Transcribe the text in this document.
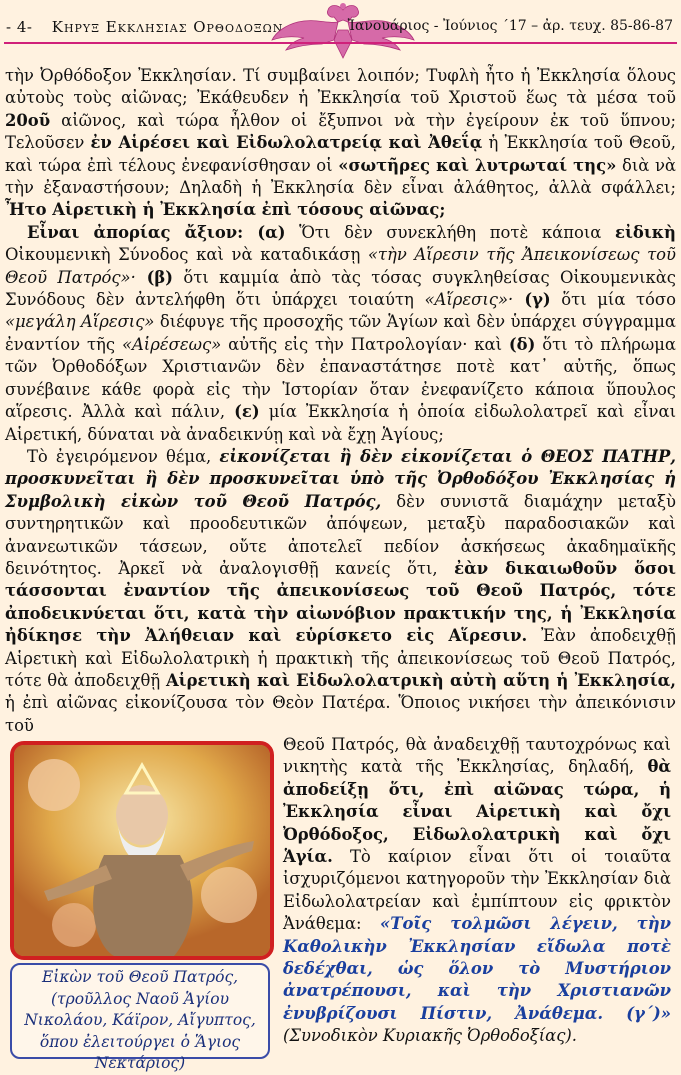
- 4- Κηρυξ Εκκλησιας Ορθοδοξων	Ἰανουάριος - Ἰούνιος ΄17 – ἀρ. τευχ. 85-86-87

τὴν Ὀρθόδοξον Ἐκκλησίαν. Τί συμβαίνει λοιπόν; Τυφλὴ ἦτο ἡ Ἐκκλησία ὅλους αὐτοὺς τοὺς αἰῶνας; Ἐκάθευδεν ἡ Ἐκκλησία τοῦ Χριστοῦ ἕως τὰ μέσα τοῦ 20οῦ αἰῶνος, καὶ τώρα ἦλθον οἱ ἔξυπνοι νὰ τὴν ἐγείρουν ἐκ τοῦ ὕπνου; Τελοῦσεν ἐν Αἱρέσει καὶ Εἰδωλολατρείᾳ καὶ Ἀθεΐᾳ ἡ Ἐκκλησία τοῦ Θεοῦ, καὶ τώρα ἐπὶ τέλους ἐνεφανίσθησαν οἱ «σωτῆρες καὶ λυτρωταί της» διὰ νὰ τὴν ἐξαναστήσουν; Δηλαδὴ ἡ Ἐκκλησία δὲν εἶναι ἀλάθητος, ἀλλὰ σφάλλει; Ἦτο Αἱρετικὴ ἡ Ἐκκλησία ἐπὶ τόσους αἰῶνας;

Εἶναι ἀπορίας ἄξιον: (α) Ὅτι δὲν συνεκλήθη ποτὲ κάποια εἰδικὴ Οἰκουμενικὴ Σύνοδος καὶ νὰ καταδικάσῃ «τὴν Αἵρεσιν τῆς Ἀπεικονίσεως τοῦ Θεοῦ Πατρός»· (β) ὅτι καμμία ἀπὸ τὰς τόσας συγκληθείσας Οἰκουμενικὰς Συνόδους δὲν ἀντελήφθη ὅτι ὑπάρχει τοιαύτη «Αἵρεσις»· (γ) ὅτι μία τόσο «μεγάλη Αἵρεσις» διέφυγε τῆς προσοχῆς τῶν Ἁγίων καὶ δὲν ὑπάρχει σύγγραμμα ἐναντίον τῆς «Αἱρέσεως» αὐτῆς εἰς τὴν Πατρολογίαν· καὶ (δ) ὅτι τὸ πλήρωμα τῶν Ὀρθοδόξων Χριστιανῶν δὲν ἐπαναστάτησε ποτὲ κατ᾽ αὐτῆς, ὅπως συνέβαινε κάθε φορὰ εἰς τὴν Ἱστορίαν ὅταν ἐνεφανίζετο κάποια ὕπουλος αἵρεσις. Ἀλλὰ καὶ πάλιν, (ε) μία Ἐκκλησία ἡ ὁποία εἰδωλολατρεῖ καὶ εἶναι Αἱρετική, δύναται νὰ ἀναδεικνύῃ καὶ νὰ ἔχῃ Ἁγίους;

Τὸ ἐγειρόμενον θέμα, εἰκονίζεται ἢ δὲν εἰκονίζεται ὁ ΘΕΟΣ ΠΑΤΗΡ, προσκυνεῖται ἢ δὲν προσκυνεῖται ὑπὸ τῆς Ὀρθοδόξου Ἐκκλησίας ἡ Συμβολικὴ εἰκὼν τοῦ Θεοῦ Πατρός, δὲν συνιστᾶ διαμάχην μεταξὺ συντηρητικῶν καὶ προοδευτικῶν ἀπόψεων, μεταξὺ παραδοσιακῶν καὶ ἀνανεωτικῶν τάσεων, οὔτε ἀποτελεῖ πεδίον ἀσκήσεως ἀκαδημαϊκῆς δεινότητος. Ἀρκεῖ νὰ ἀναλογισθῇ κανείς ὅτι, ἐὰν δικαιωθοῦν ὅσοι τάσσονται ἐναντίον τῆς ἀπεικονίσεως τοῦ Θεοῦ Πατρός, τότε ἀποδεικνύεται ὅτι, κατὰ τὴν αἰωνόβιον πρακτικήν της, ἡ Ἐκκλησία ἠδίκησε τὴν Ἀλήθειαν καὶ εὑρίσκετο εἰς Αἵρεσιν. Ἐὰν ἀποδειχθῇ Αἱρετικὴ καὶ Εἰδωλολατρικὴ ἡ πρακτικὴ τῆς ἀπεικονίσεως τοῦ Θεοῦ Πατρός, τότε θὰ ἀποδειχθῇ Αἱρετικὴ καὶ Εἰδωλολατρικὴ αὐτὴ αὕτη ἡ Ἐκκλησία, ἡ ἐπὶ αἰῶνας εἰκονίζουσα τὸν Θεὸν Πατέρα. Ὅποιος νικήσει τὴν ἀπεικόνισιν τοῦ

Εἰκὼν τοῦ Θεοῦ Πατρός, (τροῦλλος Ναοῦ Ἁγίου Νικολάου, Κάϊρον, Αἴγυπτος, ὅπου ἐλειτούργει ὁ Ἅγιος Νεκτάριος)

Θεοῦ Πατρός, θὰ ἀναδειχθῇ ταυτοχρόνως καὶ νικητὴς κατὰ τῆς Ἐκκλησίας, δηλαδή, θὰ ἀποδείξῃ ὅτι, ἐπὶ αἰῶνας τώρα, ἡ Ἐκκλησία εἶναι Αἱρετικὴ καὶ ὄχι Ὀρθόδοξος, Εἰδωλολατρικὴ καὶ ὄχι Ἁγία. Τὸ καίριον εἶναι ὅτι οἱ τοιαῦτα ἰσχυριζόμενοι κατηγοροῦν τὴν Ἐκκλησίαν διὰ Εἰδωλολατρείαν καὶ ἐμπίπτουν εἰς φρικτὸν Ἀνάθεμα: «Τοῖς τολμῶσι λέγειν, τὴν Καθολικὴν Ἐκκλησίαν εἴδωλα ποτὲ δεδέχθαι, ὡς ὅλον τὸ Μυστήριον ἀνατρέπουσι, καὶ τὴν Χριστιανῶν ἐνυβρίζουσι Πίστιν, Ἀνάθεμα. (γ΄)» (Συνοδικὸν Κυριακῆς Ὀρθοδοξίας).
